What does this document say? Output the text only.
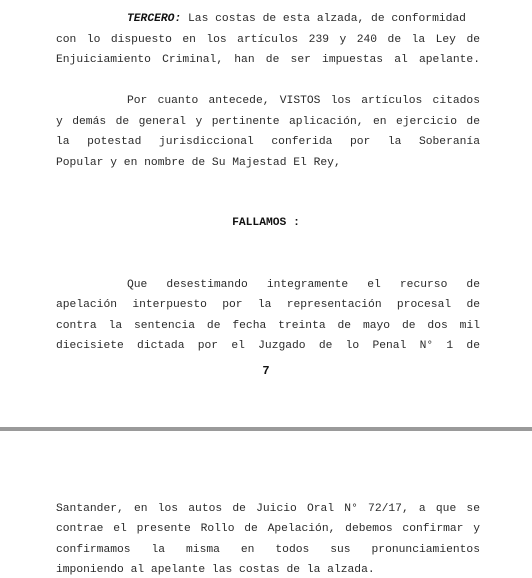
TERCERO: Las costas de esta alzada, de conformidad

con lo dispuesto en los artículos 239 y 240 de la Ley de

Enjuiciamiento Criminal, han de ser impuestas al apelante.

Por cuanto antecede, VISTOS los artículos citados

y demás de general y pertinente aplicación, en ejercicio de

la potestad jurisdiccional conferida por la Soberanía

Popular y en nombre de Su Majestad El Rey,

FALLAMOS :

Que desestimando integramente el recurso de

apelación interpuesto por la representación procesal de

contra la sentencia de fecha treinta de mayo de dos mil

diecisiete dictada por el Juzgado de lo Penal N° 1 de

7

Santander, en los autos de Juicio Oral N° 72/17, a que se

contrae el presente Rollo de Apelación, debemos confirmar y

confirmamos la misma en todos sus pronunciamientos

imponiendo al apelante las costas de la alzada.
